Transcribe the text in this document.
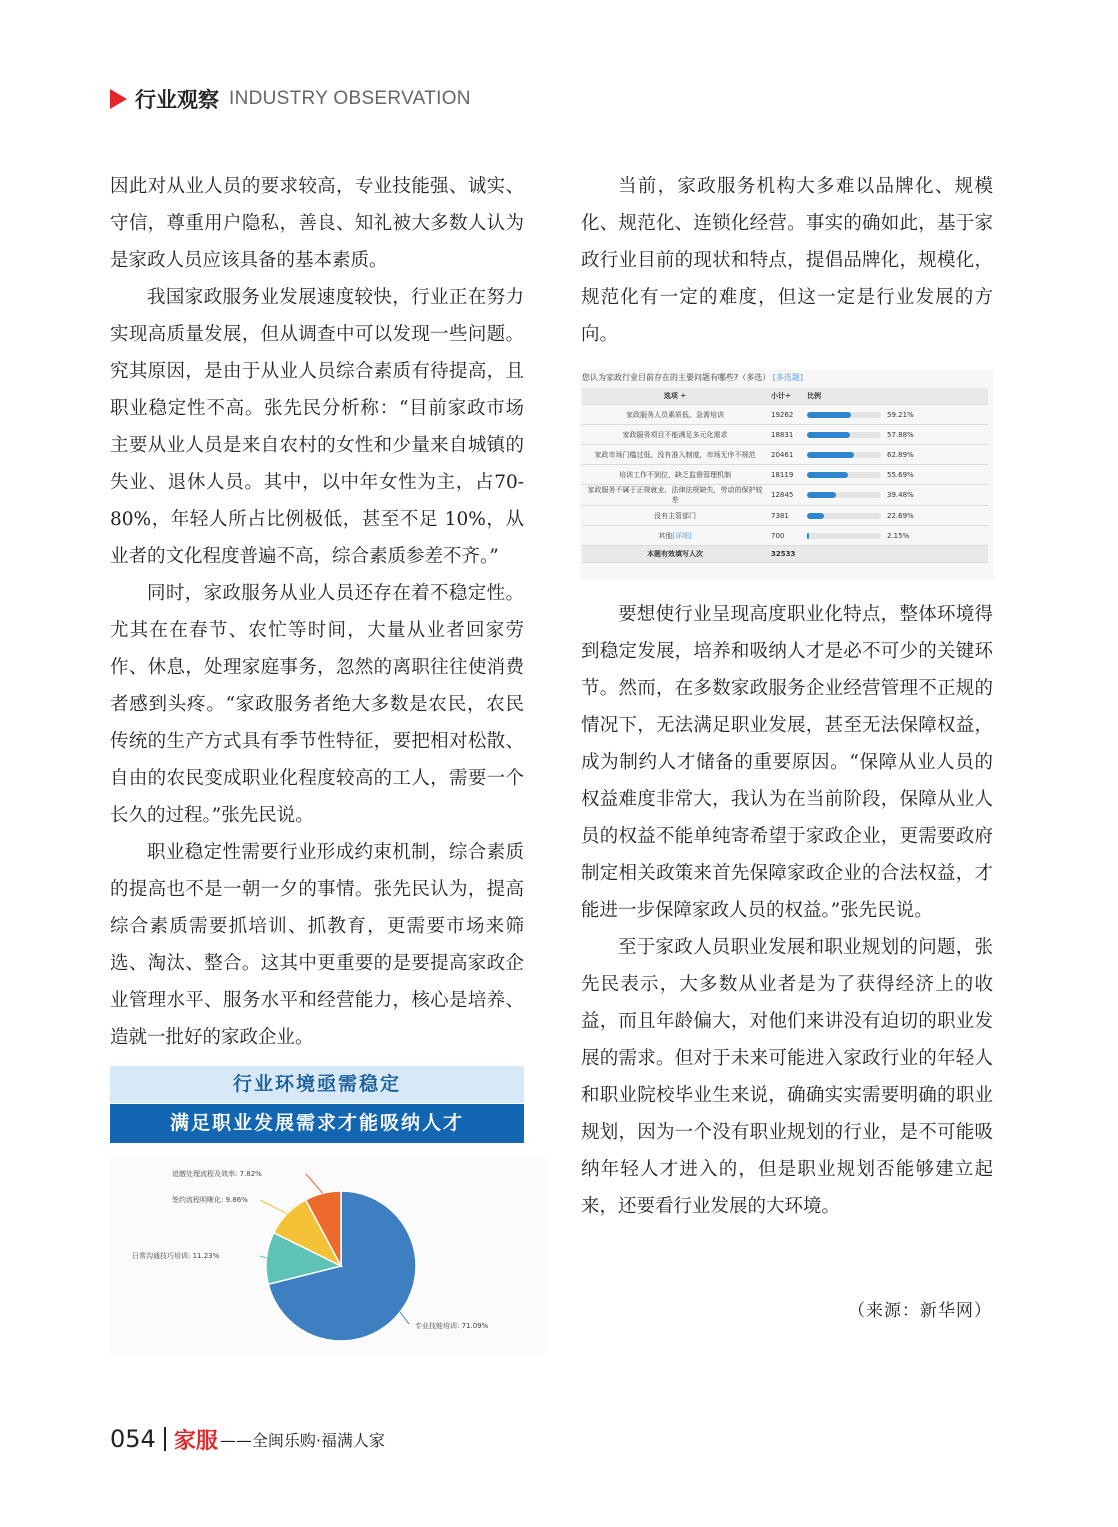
行业观察 INDUSTRY OBSERVATION

因此对从业人员的要求较高，专业技能强、诚实、守信，尊重用户隐私，善良、知礼被大多数人认为是家政人员应该具备的基本素质。

我国家政服务业发展速度较快，行业正在努力实现高质量发展，但从调查中可以发现一些问题。究其原因，是由于从业人员综合素质有待提高，且职业稳定性不高。张先民分析称：“目前家政市场主要从业人员是来自农村的女性和少量来自城镇的失业、退休人员。其中，以中年女性为主，占70-80%，年轻人所占比例极低，甚至不足 10%，从业者的文化程度普遍不高，综合素质参差不齐。”

同时，家政服务从业人员还存在着不稳定性。尤其在在春节、农忙等时间，大量从业者回家劳作、休息，处理家庭事务，忽然的离职往往使消费者感到头疼。“家政服务者绝大多数是农民，农民传统的生产方式具有季节性特征，要把相对松散、自由的农民变成职业化程度较高的工人，需要一个长久的过程。”张先民说。

职业稳定性需要行业形成约束机制，综合素质的提高也不是一朝一夕的事情。张先民认为，提高综合素质需要抓培训、抓教育，更需要市场来筛选、淘汰、整合。这其中更重要的是要提高家政企业管理水平、服务水平和经营能力，核心是培养、造就一批好的家政企业。

行业环境亟需稳定
满足职业发展需求才能吸纳人才
专业技能培训: 71.09%
日常沟通技巧培训: 11.23%
签约流程明晰化: 9.86%
追缴处理流程及效率: 7.82%

当前，家政服务机构大多难以品牌化、规模化、规范化、连锁化经营。事实的确如此，基于家政行业目前的现状和特点，提倡品牌化，规模化，规范化有一定的难度，但这一定是行业发展的方向。

您认为家政行业目前存在的主要问题有哪些?（多选） [多选题]
选项 ÷	小计÷	比例
家政服务人员素质低、急需培训	19262	59.21%
家政服务项目不能满足多元化需求	18831	57.88%
家政市场门槛过低，没有准入制度，市场无序不规范	20461	62.89%
培训工作不到位，缺乏监督管理机制	18119	55.69%
家政服务不属于正规就业，法律法规缺失，劳动的保护较差	12845	39.48%
没有主管部门	7381	22.69%
其他[详细]	700	2.15%
本题有效填写人次	32533	

要想使行业呈现高度职业化特点，整体环境得到稳定发展，培养和吸纳人才是必不可少的关键环节。然而，在多数家政服务企业经营管理不正规的情况下，无法满足职业发展，甚至无法保障权益，成为制约人才储备的重要原因。“保障从业人员的权益难度非常大，我认为在当前阶段，保障从业人员的权益不能单纯寄希望于家政企业，更需要政府制定相关政策来首先保障家政企业的合法权益，才能进一步保障家政人员的权益。”张先民说。

至于家政人员职业发展和职业规划的问题，张先民表示，大多数从业者是为了获得经济上的收益，而且年龄偏大，对他们来讲没有迫切的职业发展的需求。但对于未来可能进入家政行业的年轻人和职业院校毕业生来说，确确实实需要明确的职业规划，因为一个没有职业规划的行业，是不可能吸纳年轻人才进入的，但是职业规划否能够建立起来，还要看行业发展的大环境。

（来源：新华网）
054 家服 ——全闽乐购·福满人家
